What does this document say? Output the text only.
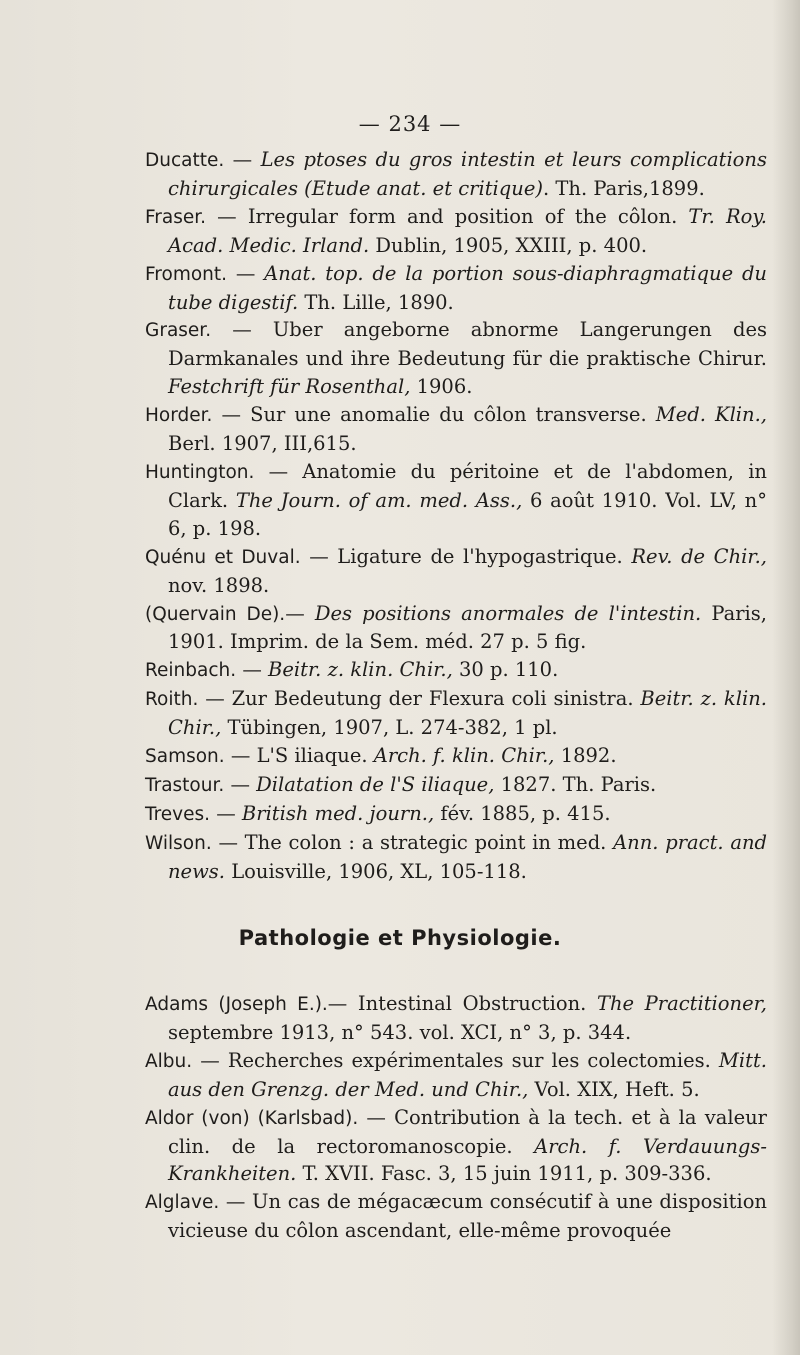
— 234 —
Ducatte. — Les ptoses du gros intestin et leurs complications chirurgicales (Etude anat. et critique). Th. Paris,1899.
Fraser. — Irregular form and position of the côlon. Tr. Roy. Acad. Medic. Irland. Dublin, 1905, XXIII, p. 400.
Fromont. — Anat. top. de la portion sous-diaphragmatique du tube digestif. Th. Lille, 1890.
Graser. — Uber angeborne abnorme Langerungen des Darmkanales und ihre Bedeutung für die praktische Chirur. Festchrift für Rosenthal, 1906.
Horder. — Sur une anomalie du côlon transverse. Med. Klin., Berl. 1907, III,615.
Huntington. — Anatomie du péritoine et de l'abdomen, in Clark. The Journ. of am. med. Ass., 6 août 1910. Vol. LV, n° 6, p. 198.
Quénu et Duval. — Ligature de l'hypogastrique. Rev. de Chir., nov. 1898.
(Quervain De).— Des positions anormales de l'intestin. Paris, 1901. Imprim. de la Sem. méd. 27 p. 5 fig.
Reinbach. — Beitr. z. klin. Chir., 30 p. 110.
Roith. — Zur Bedeutung der Flexura coli sinistra. Beitr. z. klin. Chir., Tübingen, 1907, L. 274-382, 1 pl.
Samson. — L'S iliaque. Arch. f. klin. Chir., 1892.
Trastour. — Dilatation de l'S iliaque, 1827. Th. Paris.
Treves. — British med. journ., fév. 1885, p. 415.
Wilson. — The colon : a strategic point in med. Ann. pract. and news. Louisville, 1906, XL, 105-118.
Pathologie et Physiologie.
Adams (Joseph E.).— Intestinal Obstruction. The Practitioner, septembre 1913, n° 543. vol. XCI, n° 3, p. 344.
Albu. — Recherches expérimentales sur les colectomies. Mitt. aus den Grenzg. der Med. und Chir., Vol. XIX, Heft. 5.
Aldor (von) (Karlsbad). — Contribution à la tech. et à la valeur clin. de la rectoromanoscopie. Arch. f. Verdauungs-Krankheiten. T. XVII. Fasc. 3, 15 juin 1911, p. 309-336.
Alglave. — Un cas de mégacæcum consécutif à une disposition vicieuse du côlon ascendant, elle-même provoquée
